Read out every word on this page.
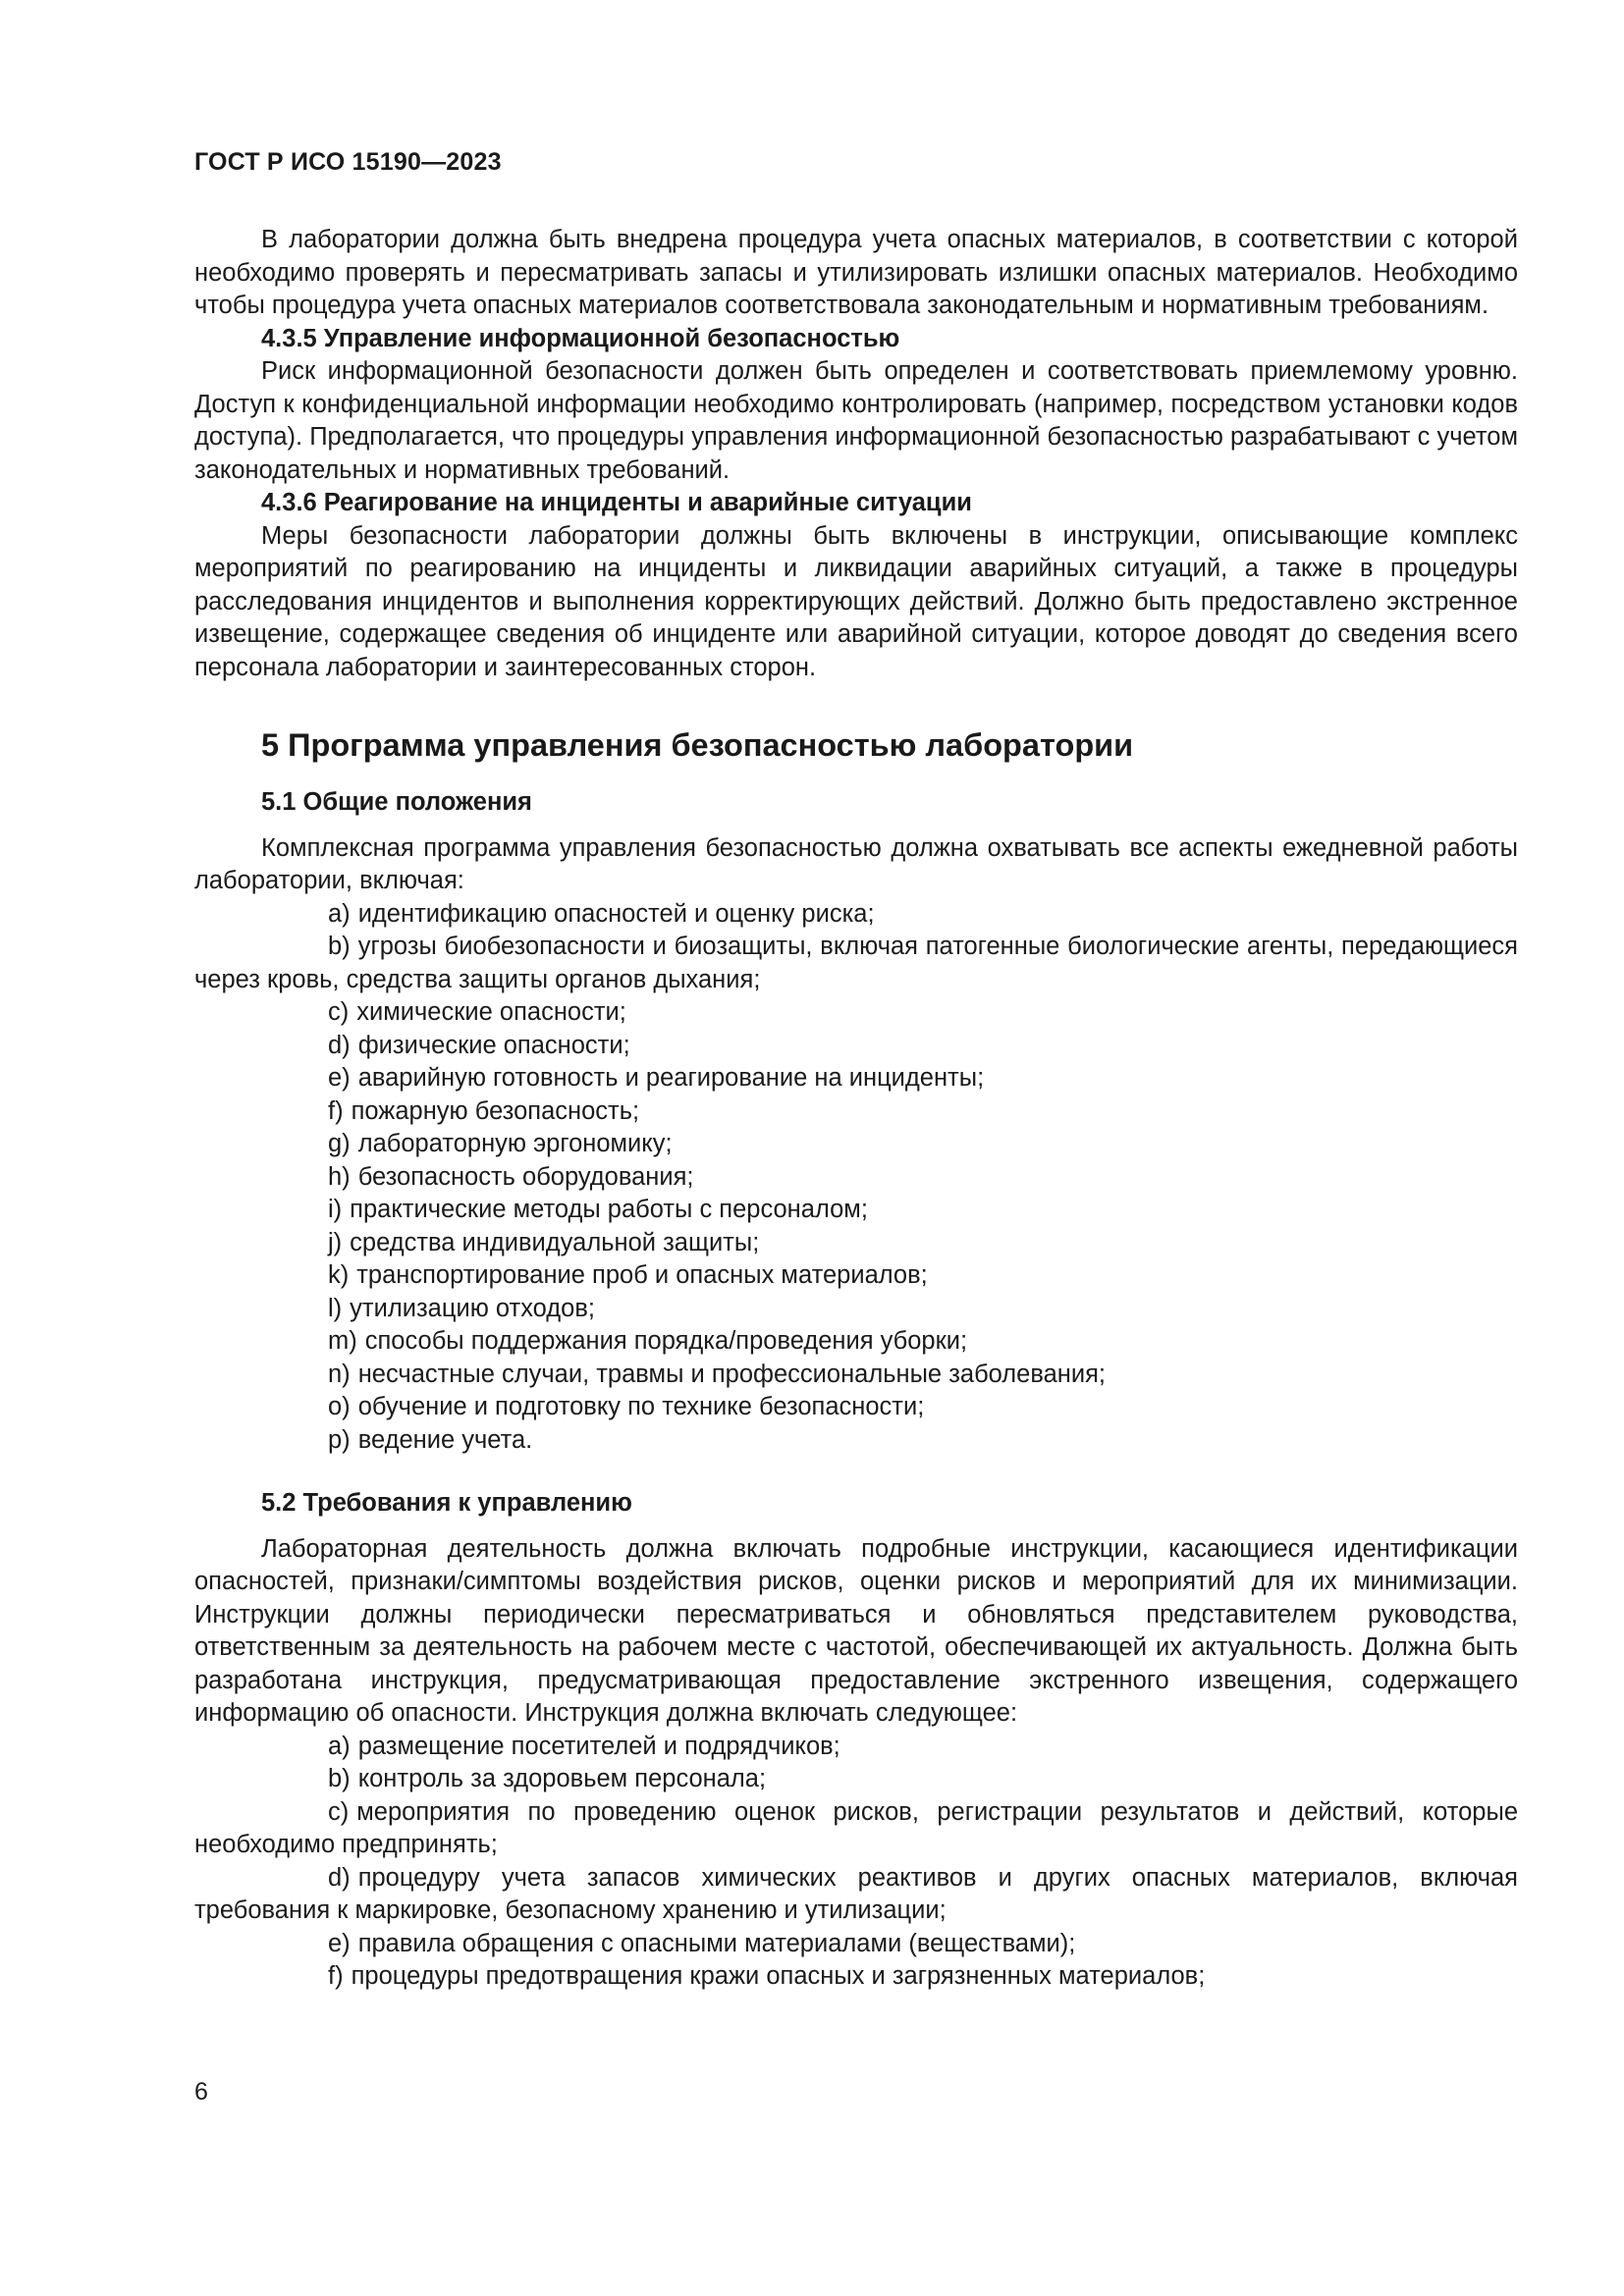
ГОСТ Р ИСО 15190—2023

В лаборатории должна быть внедрена процедура учета опасных материалов, в соответствии с которой необходимо проверять и пересматривать запасы и утилизировать излишки опасных материалов. Необходимо чтобы процедура учета опасных материалов соответствовала законодательным и нормативным требованиям.

4.3.5 Управление информационной безопасностью

Риск информационной безопасности должен быть определен и соответствовать приемлемому уровню. Доступ к конфиденциальной информации необходимо контролировать (например, посредством установки кодов доступа). Предполагается, что процедуры управления информационной безопасностью разрабатывают с учетом законодательных и нормативных требований.

4.3.6 Реагирование на инциденты и аварийные ситуации

Меры безопасности лаборатории должны быть включены в инструкции, описывающие комплекс мероприятий по реагированию на инциденты и ликвидации аварийных ситуаций, а также в процедуры расследования инцидентов и выполнения корректирующих действий. Должно быть предоставлено экстренное извещение, содержащее сведения об инциденте или аварийной ситуации, которое доводят до сведения всего персонала лаборатории и заинтересованных сторон.

5 Программа управления безопасностью лаборатории

5.1 Общие положения

Комплексная программа управления безопасностью должна охватывать все аспекты ежедневной работы лаборатории, включая:

a) идентификацию опасностей и оценку риска;

b) угрозы биобезопасности и биозащиты, включая патогенные биологические агенты, передающиеся через кровь, средства защиты органов дыхания;

c) химические опасности;

d) физические опасности;

e) аварийную готовность и реагирование на инциденты;

f) пожарную безопасность;

g) лабораторную эргономику;

h) безопасность оборудования;

i) практические методы работы с персоналом;

j) средства индивидуальной защиты;

k) транспортирование проб и опасных материалов;

l) утилизацию отходов;

m) способы поддержания порядка/проведения уборки;

n) несчастные случаи, травмы и профессиональные заболевания;

o) обучение и подготовку по технике безопасности;

p) ведение учета.

5.2 Требования к управлению

Лабораторная деятельность должна включать подробные инструкции, касающиеся идентификации опасностей, признаки/симптомы воздействия рисков, оценки рисков и мероприятий для их минимизации. Инструкции должны периодически пересматриваться и обновляться представителем руководства, ответственным за деятельность на рабочем месте с частотой, обеспечивающей их актуальность. Должна быть разработана инструкция, предусматривающая предоставление экстренного извещения, содержащего информацию об опасности. Инструкция должна включать следующее:

a) размещение посетителей и подрядчиков;

b) контроль за здоровьем персонала;

c) мероприятия по проведению оценок рисков, регистрации результатов и действий, которые необходимо предпринять;

d) процедуру учета запасов химических реактивов и других опасных материалов, включая требования к маркировке, безопасному хранению и утилизации;

e) правила обращения с опасными материалами (веществами);

f) процедуры предотвращения кражи опасных и загрязненных материалов;

6
